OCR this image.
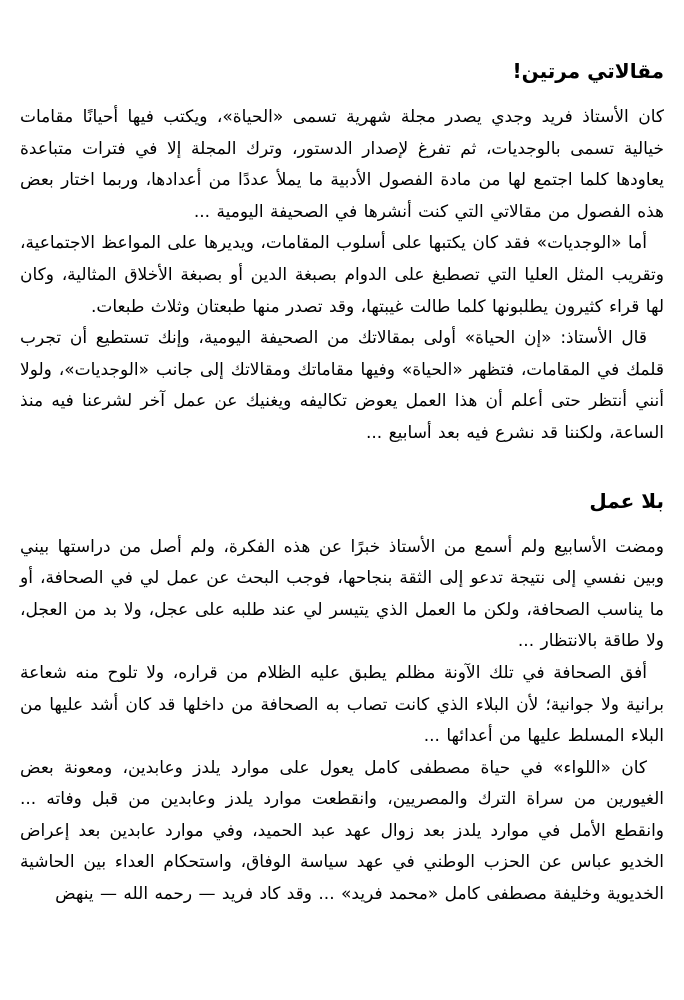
مقالاتي مرتين!

كان الأستاذ فريد وجدي يصدر مجلة شهرية تسمى «الحياة»، ويكتب فيها أحيانًا مقامات خيالية تسمى بالوجديات، ثم تفرغ لإصدار الدستور، وترك المجلة إلا في فترات متباعدة يعاودها كلما اجتمع لها من مادة الفصول الأدبية ما يملأ عددًا من أعدادها، وربما اختار بعض هذه الفصول من مقالاتي التي كنت أنشرها في الصحيفة اليومية ...

أما «الوجديات» فقد كان يكتبها على أسلوب المقامات، ويديرها على المواعظ الاجتماعية، وتقريب المثل العليا التي تصطبغ على الدوام بصبغة الدين أو بصبغة الأخلاق المثالية، وكان لها قراء كثيرون يطلبونها كلما طالت غيبتها، وقد تصدر منها طبعتان وثلاث طبعات.

قال الأستاذ: «إن الحياة» أولى بمقالاتك من الصحيفة اليومية، وإنك تستطيع أن تجرب قلمك في المقامات، فتظهر «الحياة» وفيها مقاماتك ومقالاتك إلى جانب «الوجديات»، ولولا أنني أنتظر حتى أعلم أن هذا العمل يعوض تكاليفه ويغنيك عن عمل آخر لشرعنا فيه منذ الساعة، ولكننا قد نشرع فيه بعد أسابيع ...

بلا عمل

ومضت الأسابيع ولم أسمع من الأستاذ خبرًا عن هذه الفكرة، ولم أصل من دراستها بيني وبين نفسي إلى نتيجة تدعو إلى الثقة بنجاحها، فوجب البحث عن عمل لي في الصحافة، أو ما يناسب الصحافة، ولكن ما العمل الذي يتيسر لي عند طلبه على عجل، ولا بد من العجل، ولا طاقة بالانتظار ...

أفق الصحافة في تلك الآونة مظلم يطبق عليه الظلام من قراره، ولا تلوح منه شعاعة برانية ولا جوانية؛ لأن البلاء الذي كانت تصاب به الصحافة من داخلها قد كان أشد عليها من البلاء المسلط عليها من أعدائها ...

كان «اللواء» في حياة مصطفى كامل يعول على موارد يلدز وعابدين، ومعونة بعض الغيورين من سراة الترك والمصريين، وانقطعت موارد يلدز وعابدين من قبل وفاته ... وانقطع الأمل في موارد يلدز بعد زوال عهد عبد الحميد، وفي موارد عابدين بعد إعراض الخديو عباس عن الحزب الوطني في عهد سياسة الوفاق، واستحكام العداء بين الحاشية الخديوية وخليفة مصطفى كامل «محمد فريد» ... وقد كاد فريد — رحمه الله — ينهض
